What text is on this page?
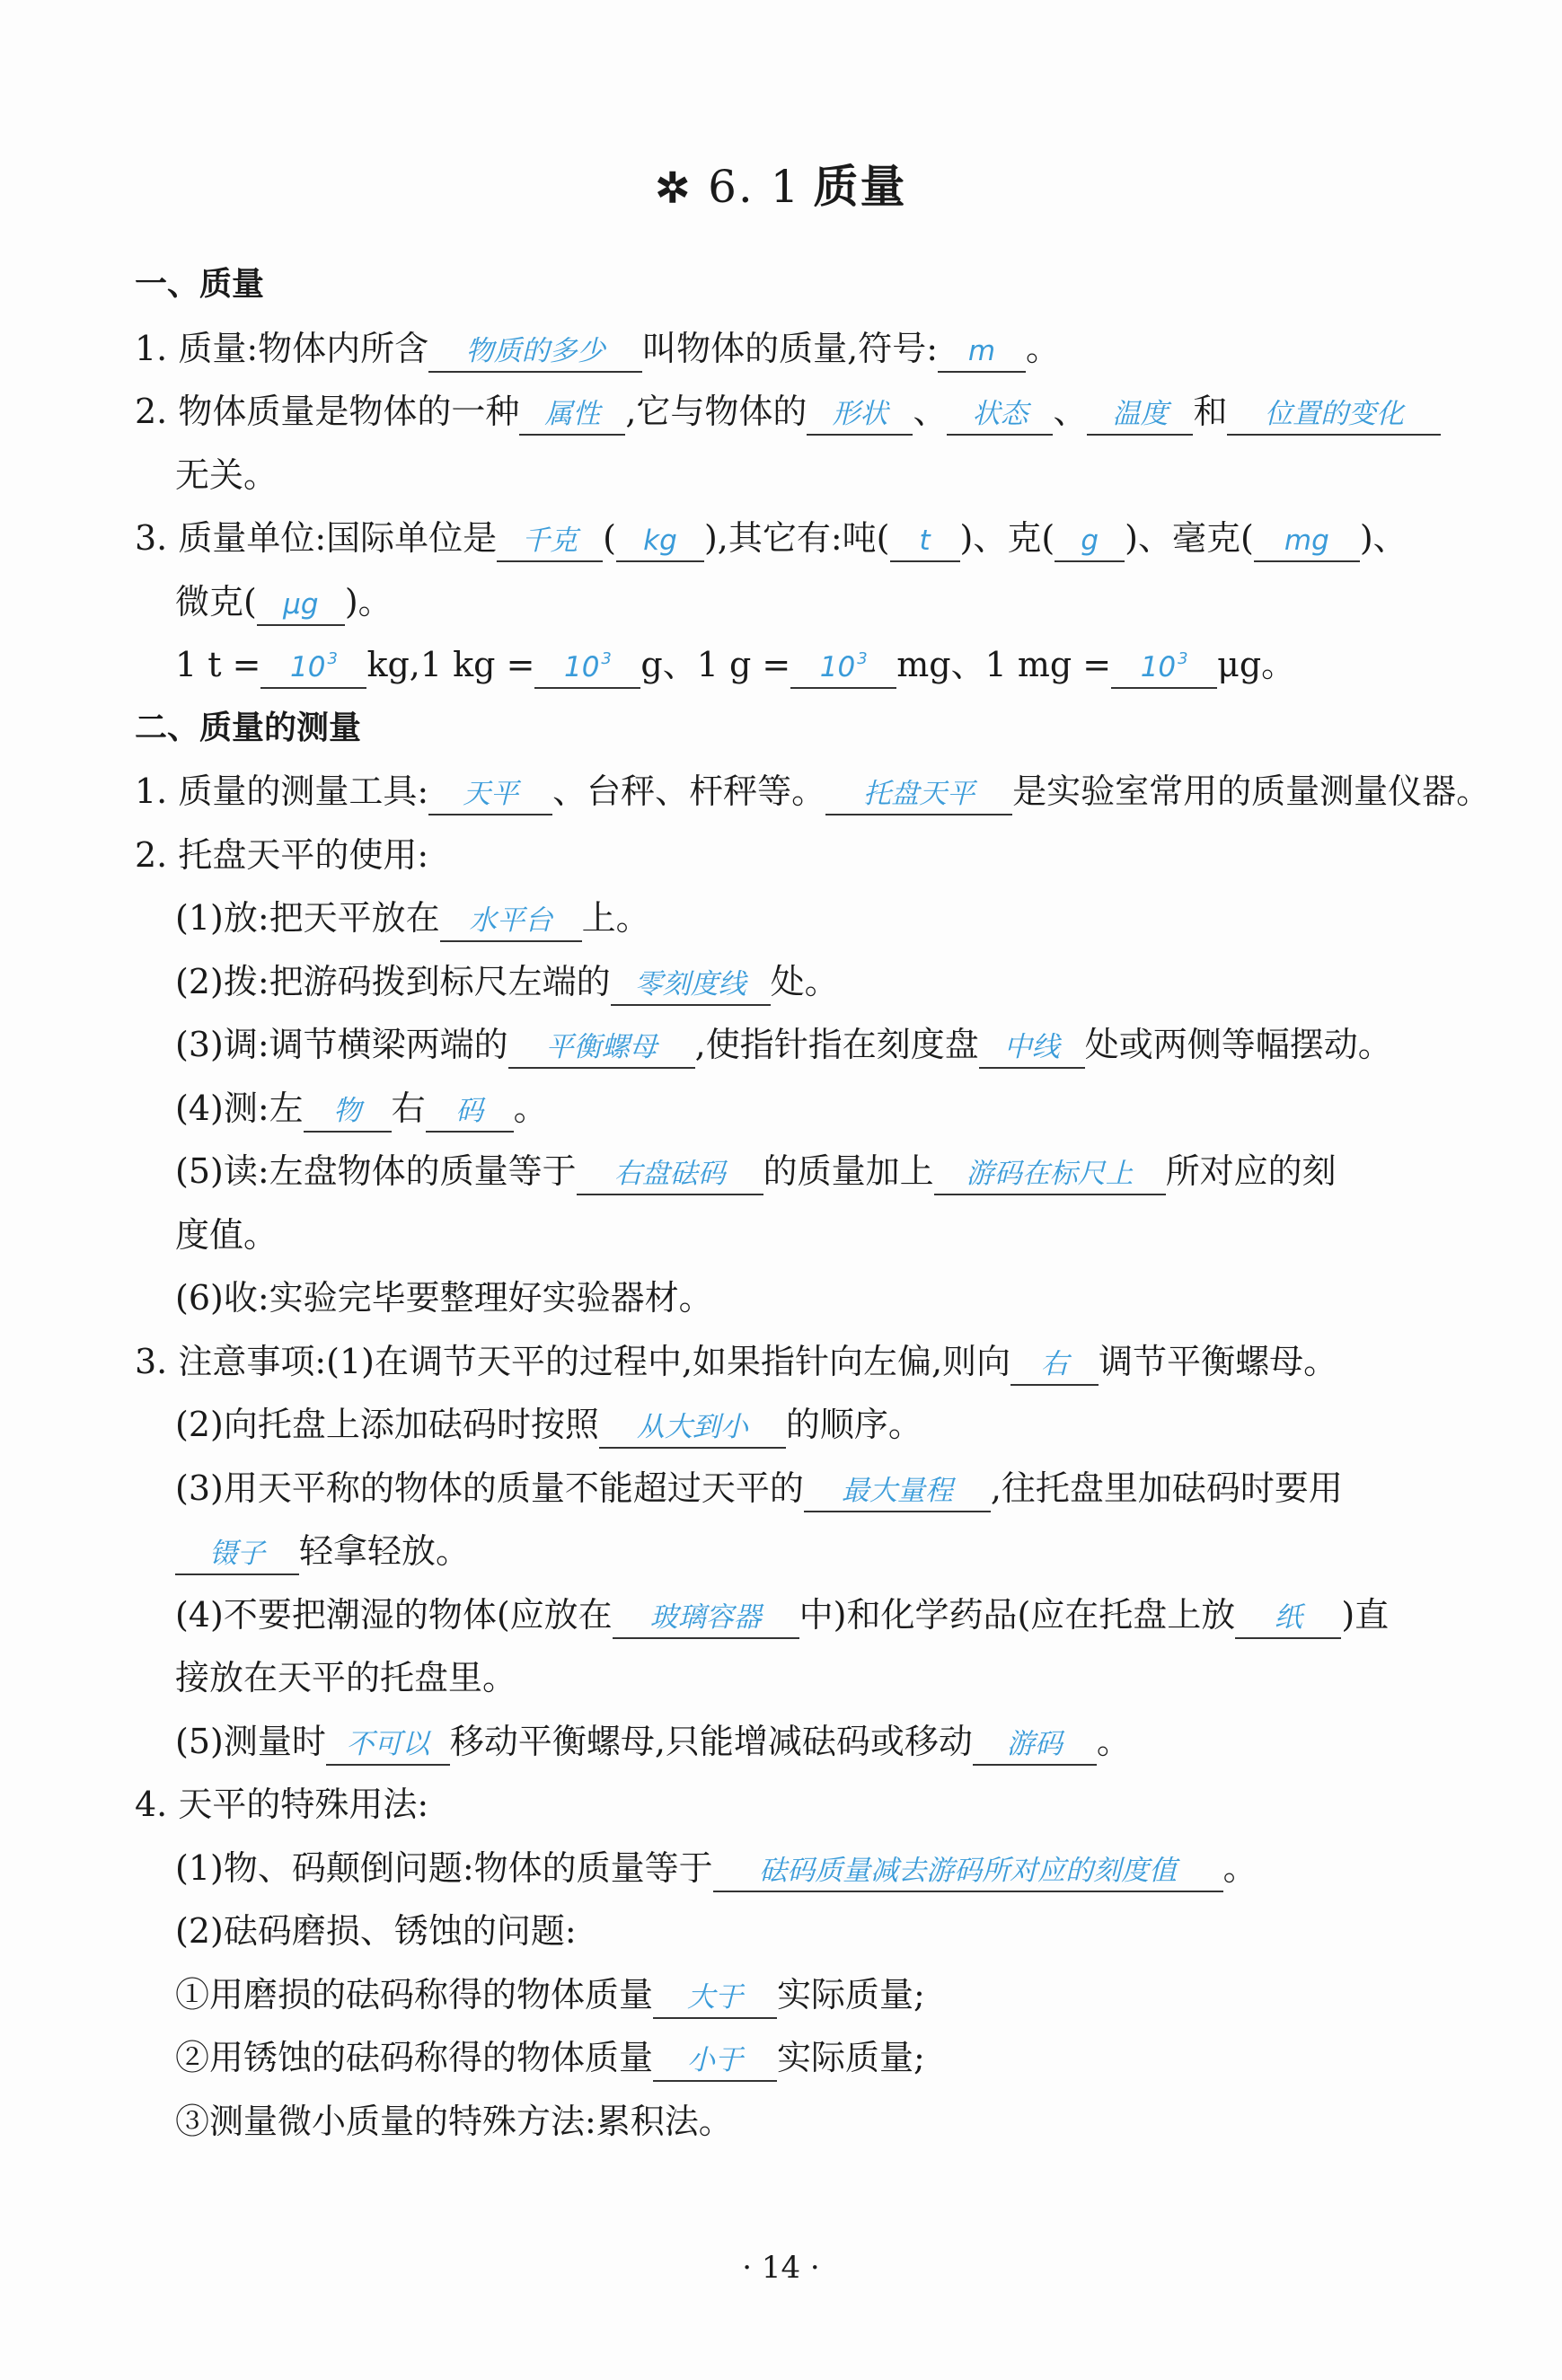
✲ 6. 1 质量
一、质量
1. 质量:物体内所含 物质的多少 叫物体的质量,符号: m 。
2. 物体质量是物体的一种 属性 ,它与物体的 形状 、 状态 、 温度 和 位置的变化
无关。
3. 质量单位:国际单位是 千克 ( kg ),其它有:吨( t )、克( g )、毫克( mg )、
微克( μg )。
1 t = 10 $^3$ kg,1 kg = 10 $^3$ g、1 g = 10 $^3$ mg、1 mg = 10 $^3$ μg。
二、质量的测量
1. 质量的测量工具: 天平 、台秤、杆秤等。 托盘天平 是实验室常用的质量测量仪器。
2. 托盘天平的使用:
(1)放:把天平放在 水平台 上。
(2)拨:把游码拨到标尺左端的 零刻度线 处。
(3)调:调节横梁两端的 平衡螺母 ,使指针指在刻度盘 中线 处或两侧等幅摆动。
(4)测:左 物 右 码 。
(5)读:左盘物体的质量等于 右盘砝码 的质量加上 游码在标尺上 所对应的刻
度值。
(6)收:实验完毕要整理好实验器材。
3. 注意事项:(1)在调节天平的过程中,如果指针向左偏,则向 右 调节平衡螺母。
(2)向托盘上添加砝码时按照 从大到小 的顺序。
(3)用天平称的物体的质量不能超过天平的 最大量程 ,往托盘里加砝码时要用
镊子 轻拿轻放。
(4)不要把潮湿的物体(应放在 玻璃容器 中)和化学药品(应在托盘上放 纸 )直
接放在天平的托盘里。
(5)测量时 不可以 移动平衡螺母,只能增减砝码或移动 游码 。
4. 天平的特殊用法:
(1)物、码颠倒问题:物体的质量等于 砝码质量减去游码所对应的刻度值 。
(2)砝码磨损、锈蚀的问题:
①用磨损的砝码称得的物体质量 大于 实际质量;
②用锈蚀的砝码称得的物体质量 小于 实际质量;
③测量微小质量的特殊方法:累积法。
· 14 ·
